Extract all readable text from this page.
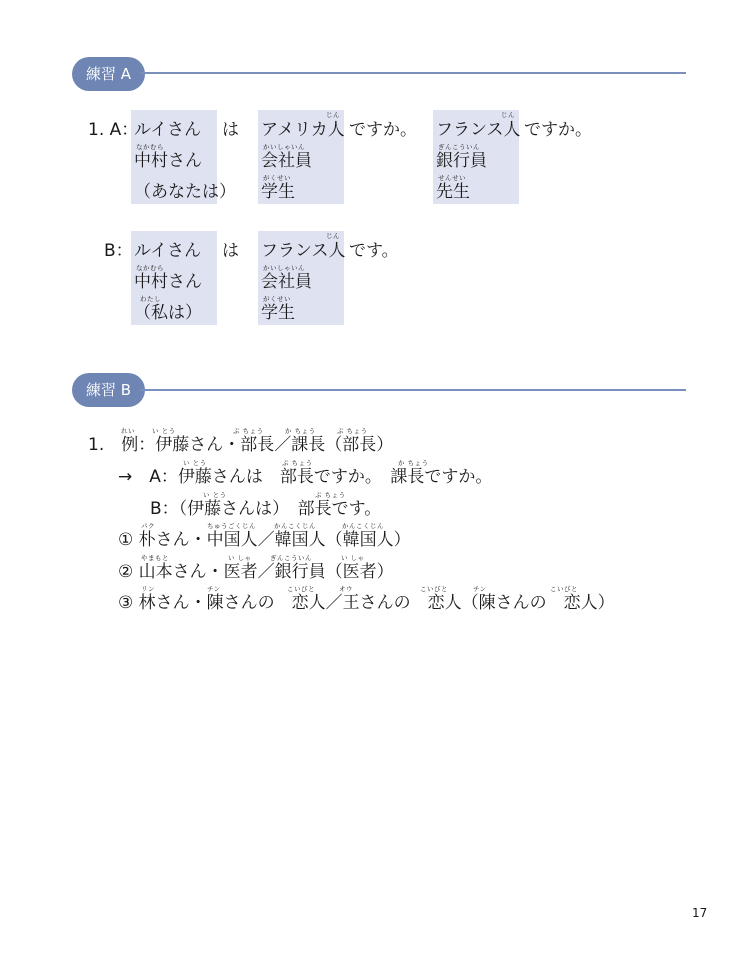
練習 A
1. A：
ルイさん
なかむら
中村さん
（あなたは）
は
じん
アメリカ人
かいしゃいん
会社員
がくせい
学生
ですか。
じん
フランス人
ぎんこういん
銀行員
せんせい
先生
ですか。
B： ルイさん
なかむら
中村さん
わたし
（私は）
は
じん
フランス人
かいしゃいん
会社員
がくせい
学生
です。
練習 B
れい	い とう	ぶ ちょう	か ちょう	ぶ ちょう
1.　例：伊藤さん・部長／課長（部長）
い とう	ぶ ちょう	か ちょう
→　A：伊藤さんは　部長ですか。　課長ですか。
い とう	ぶ ちょう
B：（伊藤さんは）　部長です。
パク	ちゅうごくじん	かんこくじん	かんこくじん
① 朴さん・中国人／韓国人（韓国人）
やまもと	い しゃ	ぎんこういん	い しゃ
② 山本さん・医者／銀行員（医者）
リン	チン	こいびと	オウ	こいびと	チン	こいびと
③ 林さん・陳さんの　恋人／王さんの　恋人（陳さんの　恋人）
17
